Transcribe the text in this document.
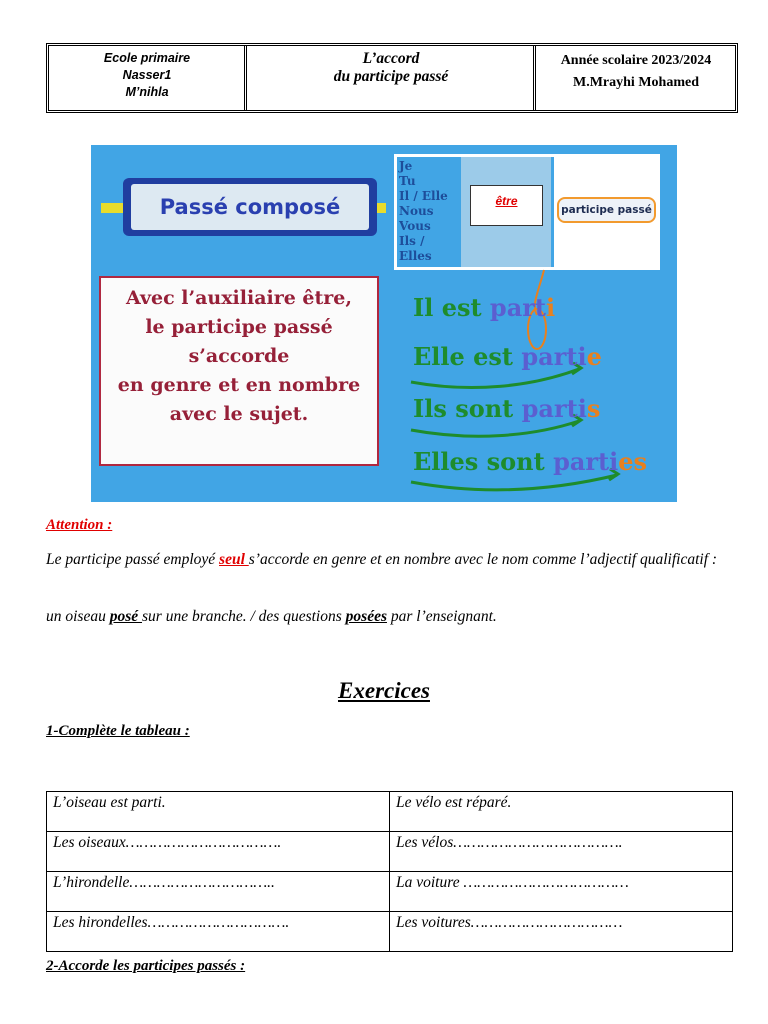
Ecole primaire
Nasser1
M’nihla
L’accord
du participe passé
Année scolaire 2023/2024
M.Mrayhi Mohamed
Passé composé
Avec l’auxiliaire être,
le participe passé
s’accorde
en genre et en nombre
avec le sujet.
Je
Tu
Il / Elle
Nous
Vous
Ils / Elles
être
participe passé
Il est parti
Elle est partie
Ils sont partis
Elles sont parties
Attention :
Le participe passé employé seul s’accorde en genre et en nombre avec le nom comme l’adjectif qualificatif :
un oiseau posé sur une branche. / des questions posées par l’enseignant.
Exercices
1-Complète le tableau :
L’oiseau est parti.	Le vélo est réparé.
Les oiseaux…………………………….	Les vélos……………………………….
L’hirondelle…………………………..	La voiture ………………………………
Les hirondelles………………………….	Les voitures……………………………
2-Accorde les participes passés :
